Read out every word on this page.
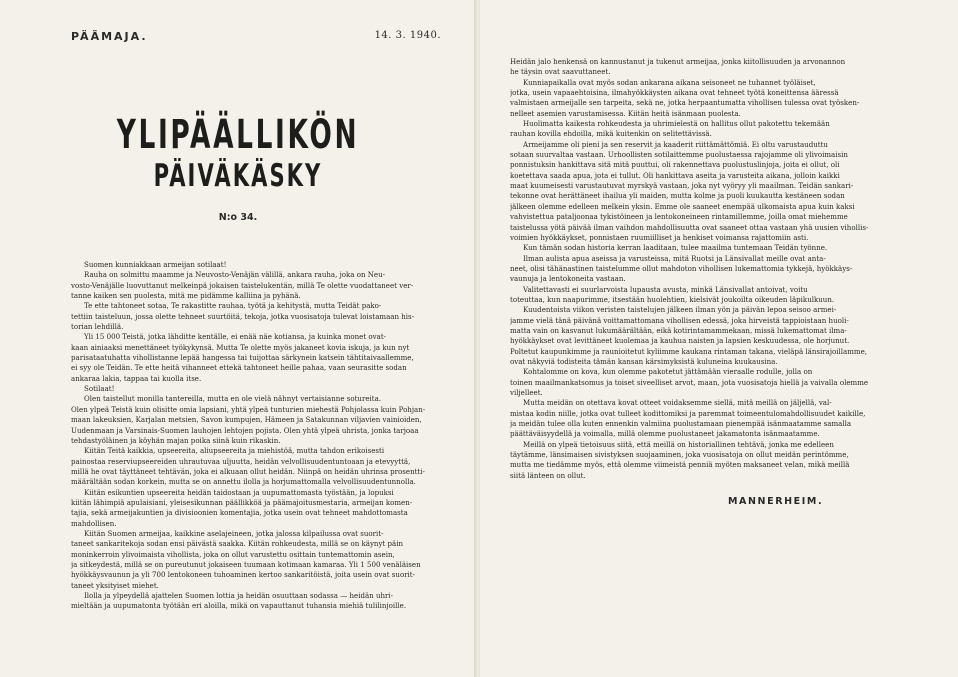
PÄÄMAJA.	14. 3. 1940.
YLIPÄÄLLIKÖN
PÄIVÄKÄSKY
N:o 34.
Suomen kunniakkaan armeijan sotilaat!
Rauha on solmittu maamme ja Neuvosto-Venäjän välillä, ankara rauha, joka on Neu-
vosto-Venäjälle luovuttanut melkeinpä jokaisen taistelukentän, millä Te olette vuodattaneet ver-
tanne kaiken sen puolesta, mitä me pidämme kalliina ja pyhänä.
Te ette tahtoneet sotaa, Te rakastitte rauhaa, työtä ja kehitystä, mutta Teidät pako-
tettiin taisteluun, jossa olette tehneet suurtöitä, tekoja, jotka vuosisatoja tulevat loistamaan his-
torian lehdillä.
Yli 15 000 Teistä, jotka lähditte kentälle, ei enää näe kotiansa, ja kuinka monet ovat-
kaan ainiaaksi menettäneet työkykynsä. Mutta Te olette myös jakaneet kovia iskuja, ja kun nyt
parisataatuhatta vihollistanne lepää hangessa tai tuijottaa särkynein katsein tähtitaivaallemme,
ei syy ole Teidän. Te ette heitä vihanneet ettekä tahtoneet heille pahaa, vaan seurasitte sodan
ankaraa lakia, tappaa tai kuolla itse.
Sotilaat!
Olen taistellut monilla tantereilla, mutta en ole vielä nähnyt vertaisianne sotureita.
Olen ylpeä Teistä kuin olisitte omia lapsiani, yhtä ylpeä tunturien miehestä Pohjolassa kuin Pohjan-
maan lakeuksien, Karjalan metsien, Savon kumpujen, Hämeen ja Satakunnan viljavien vainioiden,
Uudenmaan ja Varsinais-Suomen lauhojen lehtojen pojista. Olen yhtä ylpeä uhrista, jonka tarjoaa
tehdastyöläinen ja köyhän majan poika siinä kuin rikaskin.
Kiitän Teitä kaikkia, upseereita, aliupseereita ja miehistöä, mutta tahdon erikoisesti
painostaa reserviupseereiden uhrautuvaa uljuutta, heidän velvollisuudentuntoaan ja etevyyttä,
millä he ovat täyttäneet tehtävän, joka ei alkuaan ollut heidän. Niinpä on heidän uhrinsa prosentti-
määrältään sodan korkein, mutta se on annettu ilolla ja horjumattomalla velvollisuudentunnolla.
Kiitän esikuntien upseereita heidän taidostaan ja uupumattomasta työstään, ja lopuksi
kiitän lähimpiä apulaisiani, yleisesikunnan päällikköä ja päämajoitusmestaria, armeijan komen-
tajia, sekä armeijakuntien ja divisioonien komentajia, jotka usein ovat tehneet mahdottomasta
mahdollisen.
Kiitän Suomen armeijaa, kaikkine aselajeineen, jotka jalossa kilpailussa ovat suorit-
taneet sankaritekoja sodan ensi päivästä saakka. Kiitän rohkeudesta, millä se on käynyt päin
moninkerroin ylivoimaista vihollista, joka on ollut varustettu osittain tuntemattomin asein,
ja sitkeydestä, millä se on pureutunut jokaiseen tuumaan kotimaan kamaraa. Yli 1 500 venäläisen
hyökkäysvaunun ja yli 700 lentokoneen tuhoaminen kertoo sankaritöistä, joita usein ovat suorit-
taneet yksityiset miehet.
Ilolla ja ylpeydellä ajattelen Suomen lottia ja heidän osuuttaan sodassa — heidän uhri-
mieltään ja uupumatonta työtään eri aloilla, mikä on vapauttanut tuhansia miehiä tulilinjoille.
Heidän jalo henkensä on kannustanut ja tukenut armeijaa, jonka kiitollisuuden ja arvonannon
he täysin ovat saavuttaneet.
Kunniapaikalla ovat myös sodan ankarana aikana seisoneet ne tuhannet työläiset,
jotka, usein vapaaehtoisina, ilmahyökkäysten aikana ovat tehneet työtä koneittensa ääressä
valmistaen armeijalle sen tarpeita, sekä ne, jotka herpaantumatta vihollisen tulessa ovat työsken-
nelleet asemien varustamisessa. Kiitän heitä isänmaan puolesta.
Huolimatta kaikesta rohkeudesta ja uhrimielestä on hallitus ollut pakotettu tekemään
rauhan kovilla ehdoilla, mikä kuitenkin on selitettävissä.
Armeijamme oli pieni ja sen reservit ja kaaderit riittämättömiä. Ei oltu varustauduttu
sotaan suurvaltaa vastaan. Urhoollisten sotilaittemme puolustaessa rajojamme oli ylivoimaisin
ponnistuksin hankittava sitä mitä puuttui, oli rakennettava puolustuslinjoja, joita ei ollut, oli
koetettava saada apua, jota ei tullut. Oli hankittava aseita ja varusteita aikana, jolloin kaikki
maat kuumeisesti varustautuvat myrskyä vastaan, joka nyt vyöryy yli maailman. Teidän sankari-
tekonne ovat herättäneet ihailua yli maiden, mutta kolme ja puoli kuukautta kestäneen sodan
jälkeen olemme edelleen melkein yksin. Emme ole saaneet enempää ulkomaista apua kuin kaksi
vahvistettua pataljoonaa tykistöineen ja lentokoneineen rintamillemme, joilla omat miehemme
taistelussa yötä päivää ilman vaihdon mahdollisuutta ovat saaneet ottaa vastaan yhä uusien vihollis-
voimien hyökkäykset, ponnistaen ruumiilliset ja henkiset voimansa rajattomiin asti.
Kun tämän sodan historia kerran laaditaan, tulee maailma tuntemaan Teidän työnne.
Ilman aulista apua aseissa ja varusteissa, mitä Ruotsi ja Länsivallat meille ovat anta-
neet, olisi tähänastinen taistelumme ollut mahdoton vihollisen lukemattomia tykkejä, hyökkäys-
vaunuja ja lentokoneita vastaan.
Valitettavasti ei suurlarvoista lupausta avusta, minkä Länsivallat antoivat, voitu
toteuttaa, kun naapurimme, itsestään huolehtien, kielsivät joukoilta oikeuden läpikulkuun.
Kuudentoista viikon veristen taistelujen jälkeen ilman yön ja päivän lepoa seisoo armei-
jamme vielä tänä päivänä voittamattomana vihollisen edessä, joka hirveistä tappioistaan huoli-
matta vain on kasvanut lukumäärältään, eikä kotirintamammekaan, missä lukemattomat ilma-
hyökkäykset ovat levittäneet kuolemaa ja kauhua naisten ja lapsien keskuudessa, ole horjunut.
Poltetut kaupunkimme ja raunioitetut kyliimme kaukana rintaman takana, vieläpä länsirajoillamme,
ovat näkyviä todisteita tämän kansan kärsimyksistä kuluneina kuukausina.
Kohtalomme on kova, kun olemme pakotetut jättämään vieraalle rodulle, jolla on
toinen maailmankatsomus ja toiset siveelliset arvot, maan, jota vuosisatoja hiellä ja vaivalla olemme
viljelleet.
Mutta meidän on otettava kovat otteet voidaksemme siellä, mitä meillä on jäljellä, val-
mistaa kodin niille, jotka ovat tulleet kodittomiksi ja paremmat toimeentulomahdollisuudet kaikille,
ja meidän tulee olla kuten ennenkin valmiina puolustamaan pienempää isänmaatamme samalla
päättäväisyydellä ja voimalla, millä olemme puolustaneet jakamatonta isänmaatamme.
Meillä on ylpeä tietoisuus siitä, että meillä on historiallinen tehtävä, jonka me edelleen
täytämme, länsimaisen sivistyksen suojaaminen, joka vuosisatoja on ollut meidän perintömme,
mutta me tiedämme myös, että olemme viimeistä penniä myöten maksaneet velan, mikä meillä
siitä länteen on ollut.
MANNERHEIM.
